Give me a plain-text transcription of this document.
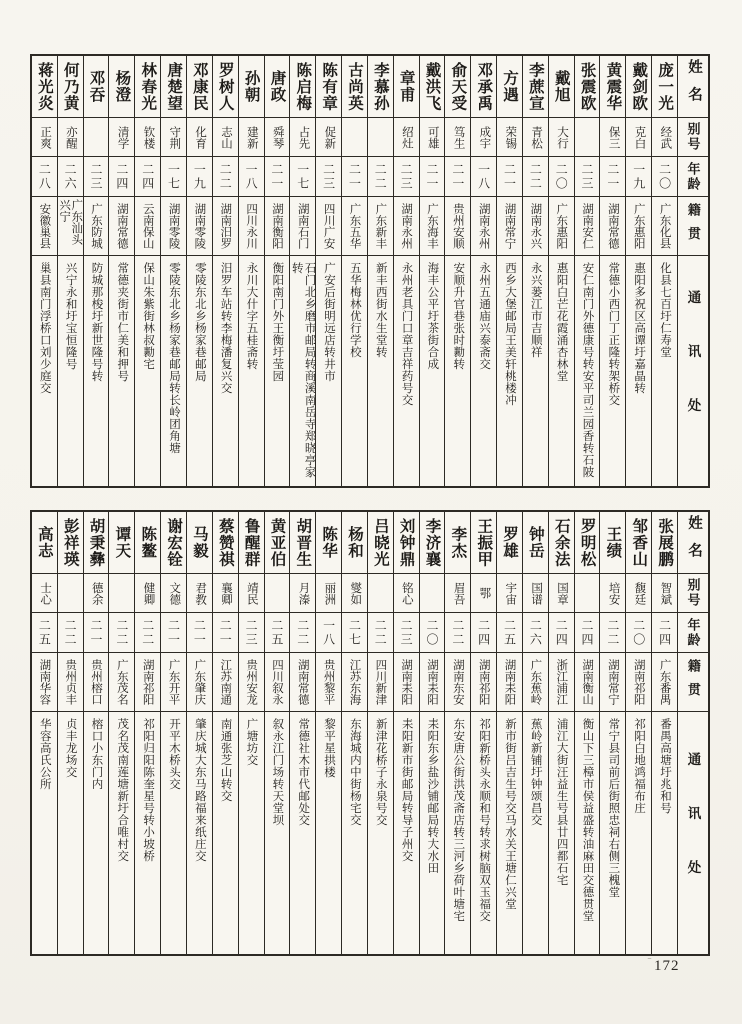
姓名
别号
年龄
籍贯
通讯处
庞一光
经武
二〇
广东化县
化县七百圩仁寿堂
戴剑欧
克白
一九
广东惠阳
惠阳多祝区高谭圩嘉晶转
黄震华
保三
二一
湖南常德
常德小西门丁正隆转架桥交
张震欧
二三
湖南安仁
安仁南门外德康号转安平司兰园香转石陂
戴旭
大行
二〇
广东惠阳
惠阳白芒花霞涌杏林堂
李蔗宣
青松
二二
湖南永兴
永兴蒌江市吉顺祥
方遇
荣锡
二一
湖南常宁
西乡大堡邮局王美轩桃楼冲
邓承禹
成宇
一八
湖南永州
永州五通庙兴泰斋交
俞天受
笃生
二一
贵州安顺
安顺升官巷张时勷转
戴洪飞
可雄
二一
广东海丰
海丰公平圩茶街合成
章甫
绍灶
二三
湖南永州
永州老具门口章吉祥药号交
李慕孙
二二
广东新丰
新丰西街水生堂转
古尚英
二一
广东五华
五华梅林优行学校
陈有章
促新
二三
四川广安
广安后街明远店转井市
陈启梅
占先
一七
湖南石门
石门北乡磨市邮局转商溪南岳寺郑晓亭家转
唐政
舜琴
二一
湖南衡阳
衡阳南门外王衡圩莹园
孙朝
建新
一八
四川永川
永川大什字五桂斋转
罗树人
志山
二二
湖南汨罗
汨罗车站转李梅潘复兴交
邓康民
化育
一九
湖南零陵
零陵东北乡杨家巷邮局
唐楚望
守荆
一七
湖南零陵
零陵东北乡杨家巷邮局转长岭团角塘
林春光
钦楼
二四
云南保山
保山朱紫街林叔勷宅
杨澄
清学
二四
湖南常德
常德夹街市仁美和押号
邓吞
二三
广东防城
防城那梭圩新世隆号转
何乃黄
亦醒
二六
广东汕头兴宁
兴宁永和圩宝恒隆号
蒋光炎
正爽
二八
安徽巢县
巢县南门浮桥口刘少庭交
姓名
别号
年龄
籍贯
通讯处
张展鹏
智斌
二四
广东番禺
番禺高塘圩兆和号
邹香山
馥廷
二〇
湖南祁阳
祁阳白地鸿福布庄
王绩
培安
二二
湖南常宁
常宁县司前后街照忠祠右侧三槐堂
罗明松
二四
湖南衡山
衡山下三樟市侯益盛转油麻田交德贯堂
石余法
国章
二四
浙江浦江
浦江大街汪益生号县廿四都石宅
钟岳
国谱
二六
广东蕉岭
蕉岭新铺圩钟颂昌交
罗雄
宇宙
二五
湖南耒阳
新市街吕吉生号交马水关王塘仁兴堂
王振甲
鄂
二四
湖南祁阳
祁阳新桥头永顺和号转求树脑双玉福交
李杰
眉吾
二二
湖南东安
东安唐公街洪茂斋店转三河乡荷叶塘宅
李济襄
二〇
湖南耒阳
耒阳东乡盐沙铺邮局转大水田
刘钟鼎
铭心
二三
湖南耒阳
耒阳新市街邮局转导子州交
吕晓光
二二
四川新津
新津花桥子永泉号交
杨和
燮如
二七
江苏东海
东海城内中街杨宅交
陈华
丽洲
一八
贵州黎平
黎平星拱楼
胡晋生
月溱
二二
湖南常德
常德社木市代邮处交
黄亚伯
二五
四川叙永
叙永江门场转天堂坝
鲁醒群
靖民
二三
贵州安龙
广塘坊交
蔡赞祺
襄卿
二一
江苏南通
南通张芝山转交
马毅
君教
二一
广东肇庆
肇庆城大东马路福来纸庄交
谢宏铨
文德
二一
广东开平
开平木桥头交
陈鳌
健卿
二二
湖南祁阳
祁阳归阳陈奎星号转小坡桥
谭天
二二
广东茂名
茂名茂南莲塘新圩合唯村交
胡秉彝
德余
二一
贵州榕口
榕口小东门内
彭祥瑛
二二
贵州贞丰
贞丰龙场交
高志
士心
二五
湖南华容
华容高氏公所
‾ 172
